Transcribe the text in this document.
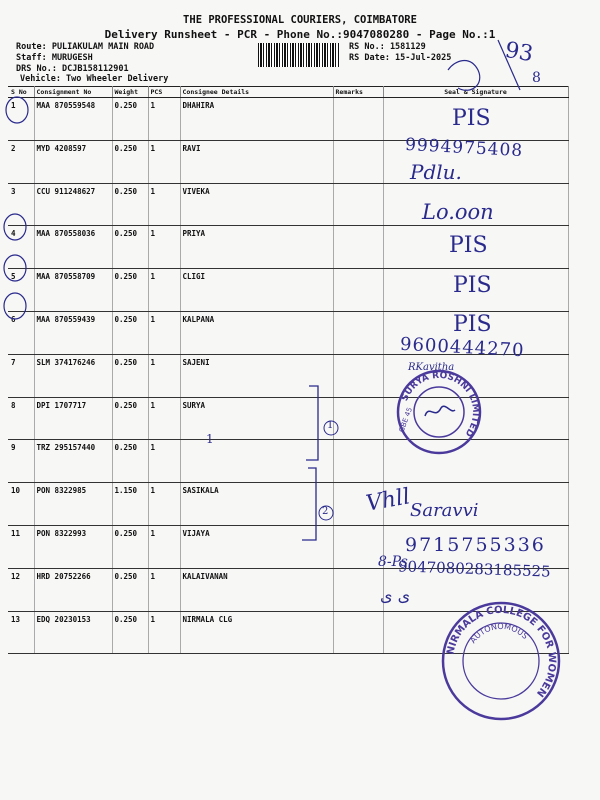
THE PROFESSIONAL COURIERS, COIMBATORE
Delivery Runsheet - PCR - Phone No.:9047080280 - Page No.:1
Route: PULIAKULAM MAIN ROAD
Staff: MURUGESH
DRS No.: DCJB158112901
Vehicle: Two Wheeler Delivery
RS No.: 1581129
RS Date: 15-Jul-2025
S No	Consignment No	Weight	PCS	Consignee Details	Remarks	Seal & Signature
1	MAA 870559548	0.250	1	DHAHIRA		
2	MYD 4208597	0.250	1	RAVI		
3	CCU 911248627	0.250	1	VIVEKA		
4	MAA 870558036	0.250	1	PRIYA		
5	MAA 870558709	0.250	1	CLIGI		
6	MAA 870559439	0.250	1	KALPANA		
7	SLM 374176246	0.250	1	SAJENI		
8	DPI 1707717	0.250	1	SURYA		
9	TRZ 295157440	0.250	1			
10	PON 8322985	1.150	1	SASIKALA		
11	PON 8322993	0.250	1	VIJAYA		
12	HRD 20752266	0.250	1	KALAIVANAN		
13	EDQ 20230153	0.250	1	NIRMALA CLG		
93
8
PIS
9994975408
Pdlu.
Lo.oon
PIS
PIS
PIS
9600444270
RKavitha
1
1
2 Vhll
Saravvi
9715755336
8-Ps
9047080283185525
ى ى
SURYA ROSHNI LIMITED
GBE 45
NIRMALA COLLEGE FOR WOMEN
AUTONOMOUS
